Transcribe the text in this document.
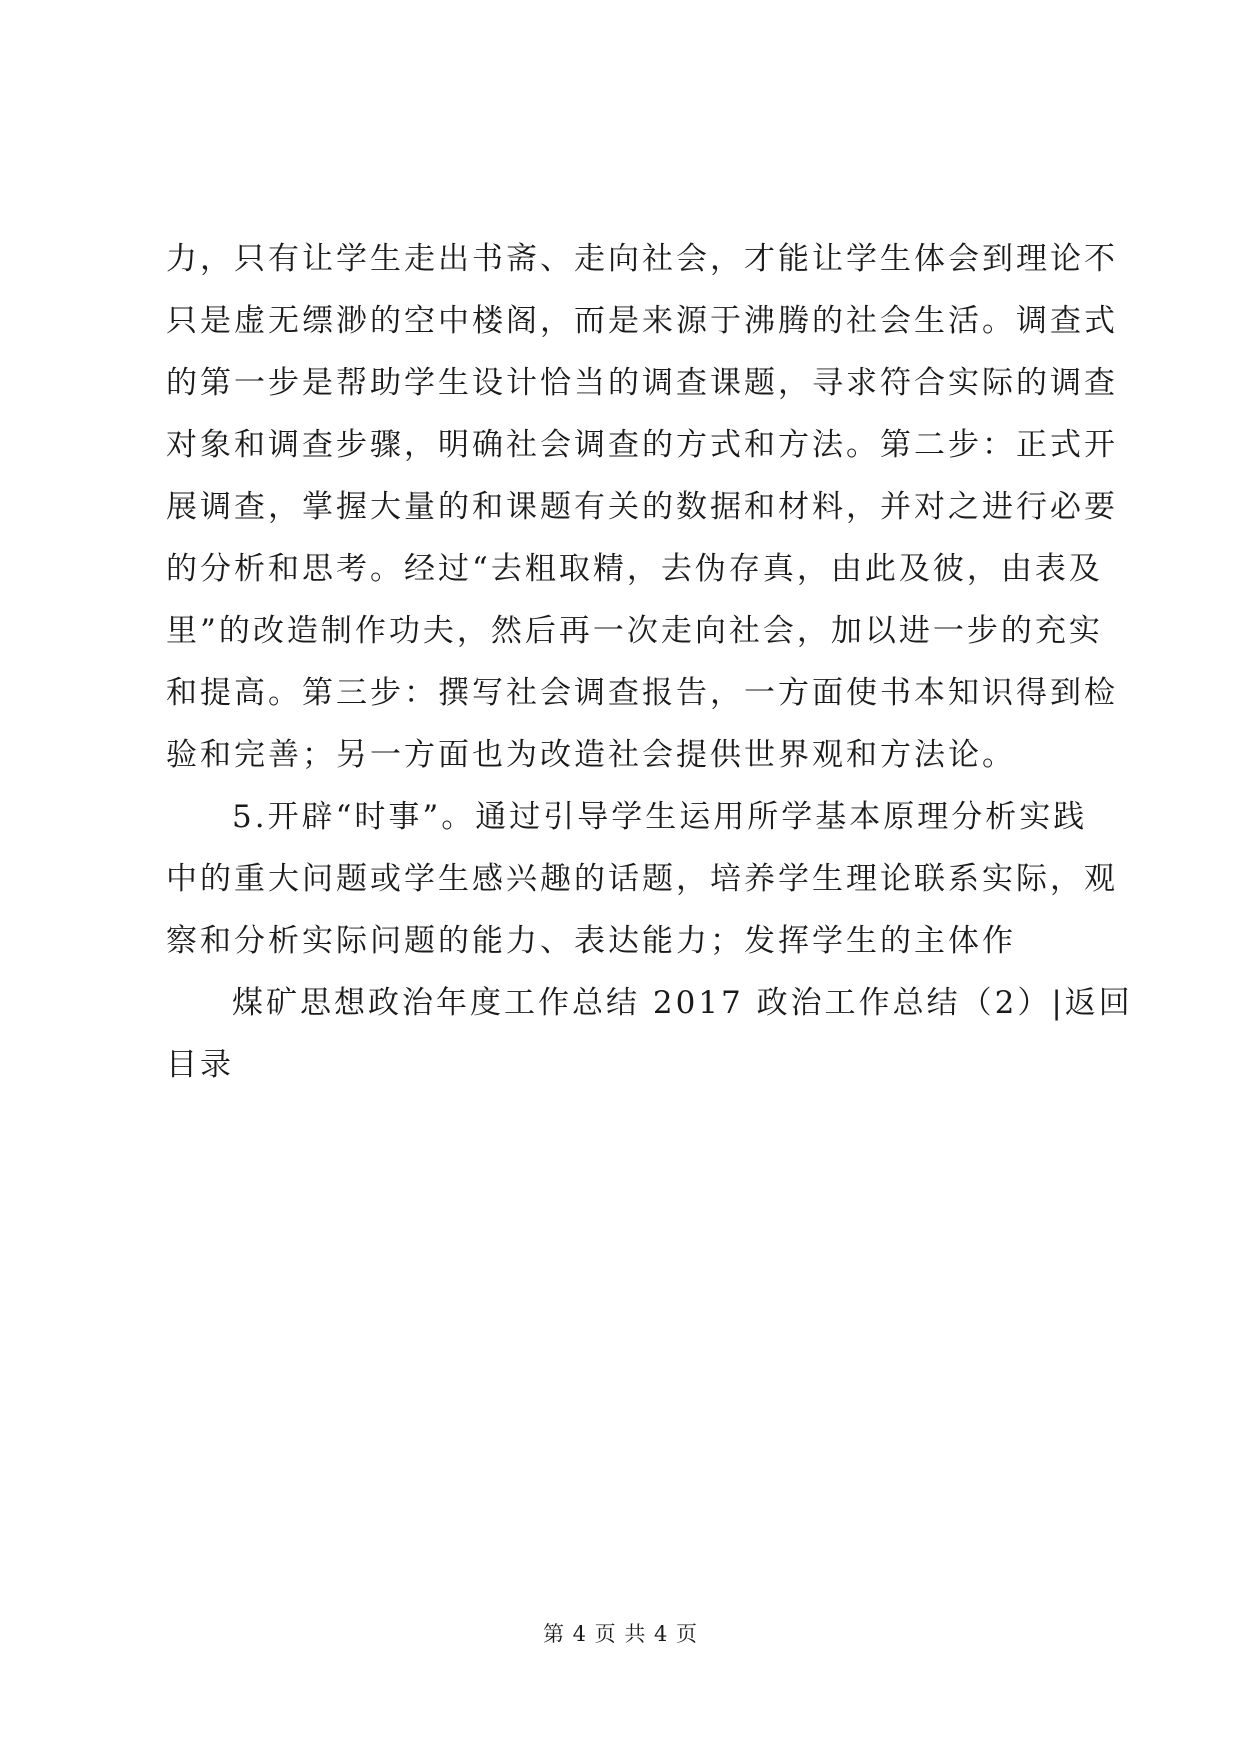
力，只有让学生走出书斋、走向社会，才能让学生体会到理论不
只是虚无缥渺的空中楼阁，而是来源于沸腾的社会生活。调查式
的第一步是帮助学生设计恰当的调查课题，寻求符合实际的调查
对象和调查步骤，明确社会调查的方式和方法。第二步：正式开
展调查，掌握大量的和课题有关的数据和材料，并对之进行必要
的分析和思考。经过“去粗取精，去伪存真，由此及彼，由表及
里”的改造制作功夫，然后再一次走向社会，加以进一步的充实
和提高。第三步：撰写社会调查报告，一方面使书本知识得到检
验和完善；另一方面也为改造社会提供世界观和方法论。

5.开辟“时事”。通过引导学生运用所学基本原理分析实践
中的重大问题或学生感兴趣的话题，培养学生理论联系实际，观
察和分析实际问题的能力、表达能力；发挥学生的主体作

煤矿思想政治年度工作总结 2017 政治工作总结（2）|返回
目录

第 4 页 共 4 页
